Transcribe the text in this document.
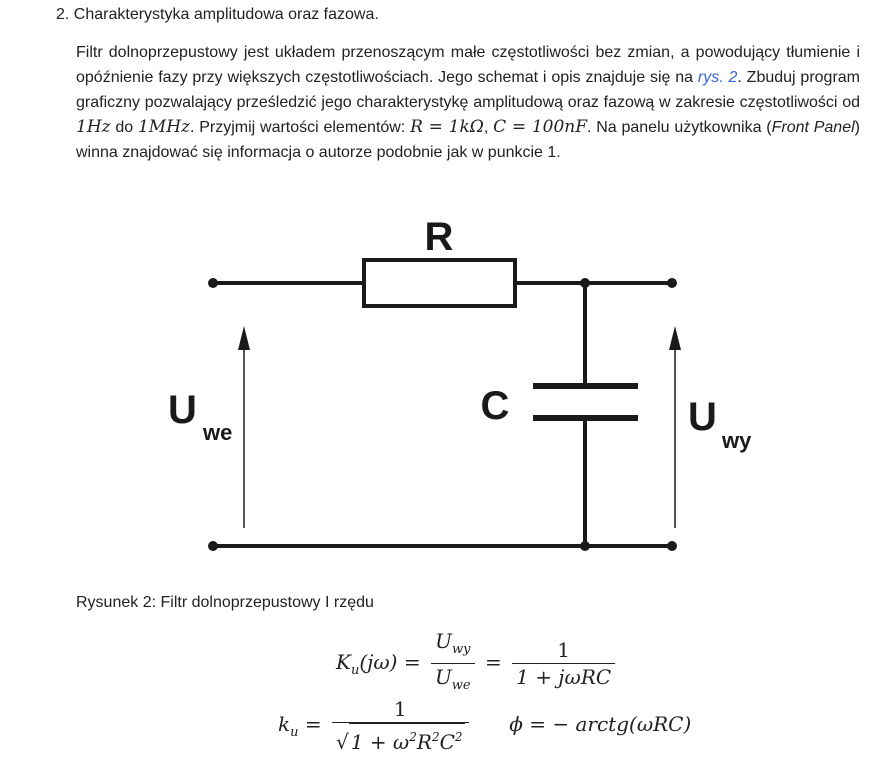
2. Charakterystyka amplitudowa oraz fazowa.
Filtr dolnoprzepustowy jest układem przenoszącym małe częstotliwości bez zmian, a powodujący tłumienie i opóźnienie fazy przy większych częstotliwościach. Jego schemat i opis znajduje się na rys. 2. Zbuduj program graficzny pozwalający prześledzić jego charakterystykę amplitudową oraz fazową w zakresie częstotliwości od 1Hz do 1MHz. Przyjmij wartości elementów: R = 1kΩ, C = 100nF. Na panelu użytkownika (Front Panel) winna znajdować się informacja o autorze podobnie jak w punkcie 1.
R
C
U
we	U
wy
Rysunek 2: Filtr dolnoprzepustowy I rzędu
$K_u(j\omega) = \frac{U_{wy}}{U_{we}} = \frac{1}{\text{1 + jωRC}}$
$k_u = \frac{1}{√ 1 + \omega^2R^2C^2}$ ϕ = − arctg(ωRC)
